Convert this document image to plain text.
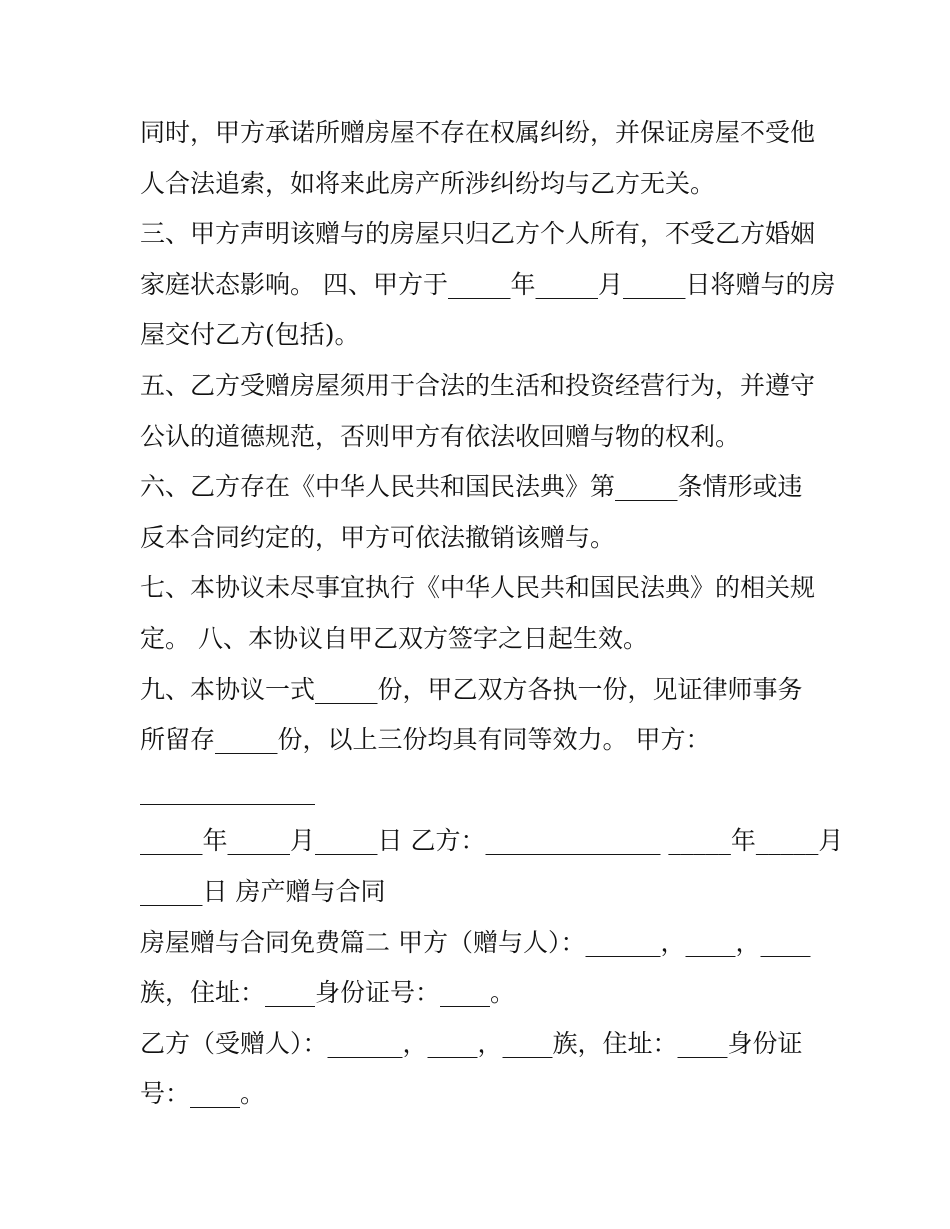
同时，甲方承诺所赠房屋不存在权属纠纷，并保证房屋不受他
人合法追索，如将来此房产所涉纠纷均与乙方无关。
三、甲方声明该赠与的房屋只归乙方个人所有，不受乙方婚姻
家庭状态影响。 四、甲方于_____年_____月_____日将赠与的房
屋交付乙方(包括)。
五、乙方受赠房屋须用于合法的生活和投资经营行为，并遵守
公认的道德规范，否则甲方有依法收回赠与物的权利。
六、乙方存在《中华人民共和国民法典》第_____条情形或违
反本合同约定的，甲方可依法撤销该赠与。
七、本协议未尽事宜执行《中华人民共和国民法典》的相关规
定。 八、本协议自甲乙双方签字之日起生效。
九、本协议一式_____份，甲乙双方各执一份，见证律师事务
所留存_____份，以上三份均具有同等效力。 甲方：
______________
_____年_____月_____日 乙方：______________ _____年_____月
_____日 房产赠与合同
房屋赠与合同免费篇二 甲方（赠与人）：______，____，____
族，住址：____身份证号：____。
乙方（受赠人）：______，____，____族，住址：____身份证
号：____。
